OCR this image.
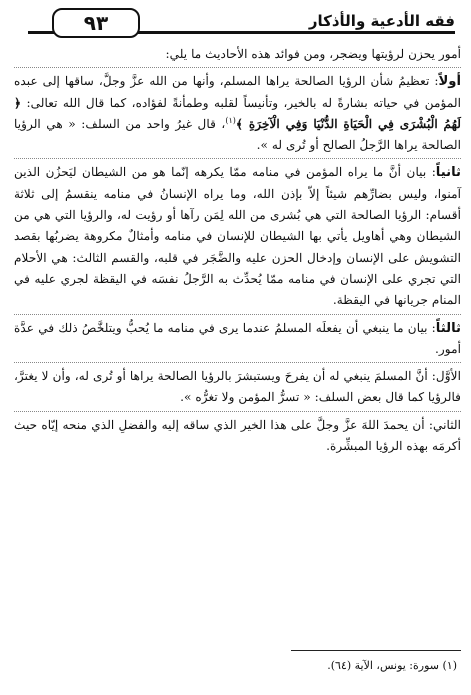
فقه الأدعية والأذكار
٩٣

أمور يحزن لرؤيتها ويضجر، ومن فوائد هذه الأحاديث ما يلي:

أولاً: تعظيمُ شأن الرؤيا الصالحة يراها المسلم، وأنها من الله عزَّ وجلَّ، ساقها إلى عبده المؤمن في حياته بشارةً له بالخير، وتأنيساً لقلبه وطمأنةً لفؤاده، كما قال الله تعالى: ﴿ لَهُمُ الْبُشْرَى فِي الْحَيَاةِ الدُّنْيَا وَفِي الْآخِرَةِ ﴾$^{(١)}$، قال غيرُ واحد من السلف: « هي الرؤيا الصالحة يراها الرَّجلُ الصالح أو تُرى له ».

ثانياً: بيان أنَّ ما يراه المؤمن في منامه ممّا يكرهه إنّما هو من الشيطان ليَحزُن الذين آمنوا، وليس بضارِّهم شيئاً إلاّ بإذن الله، وما يراه الإنسانُ في منامه ينقسمُ إلى ثلاثة أقسام: الرؤيا الصالحة التي هي بُشرى من الله لِمَن رآها أو رؤيت له، والرؤيا التي هي من الشيطان وهي أهاويل يأتي بها الشيطان للإنسان في منامه وأمثالٌ مكروهة يضربُها بقصد التشويش على الإنسان وإدخال الحزن عليه والضَّجَر في قلبه، والقسم الثالث: هي الأحلام التي تجري على الإنسان في منامه ممّا يُحدِّث به الرَّجلُ نفسَه في اليقظة لجري عليه في المنام جريانها في اليقظة.

ثالثاً: بيان ما ينبغي أن يفعلَه المسلمُ عندما يرى في منامه ما يُحبُّ ويتلخَّصُ ذلك في عدَّة أمور.

الأوَّل: أنَّ المسلمَ ينبغي له أن يفرحَ ويستبشرَ بالرؤيا الصالحة يراها أو تُرى له، وأن لا يغترَّ، فالرؤيا كما قال بعض السلف: « تسرُّ المؤمن ولا تغرُّه ».

الثاني: أن يحمدَ اللهَ عزَّ وجلَّ على هذا الخير الذي ساقه إليه والفضلِ الذي منحه إيّاه حيث أكرمَه بهذه الرؤيا المبشِّرة.

(١) سورة: يونس، الآية (٦٤).
